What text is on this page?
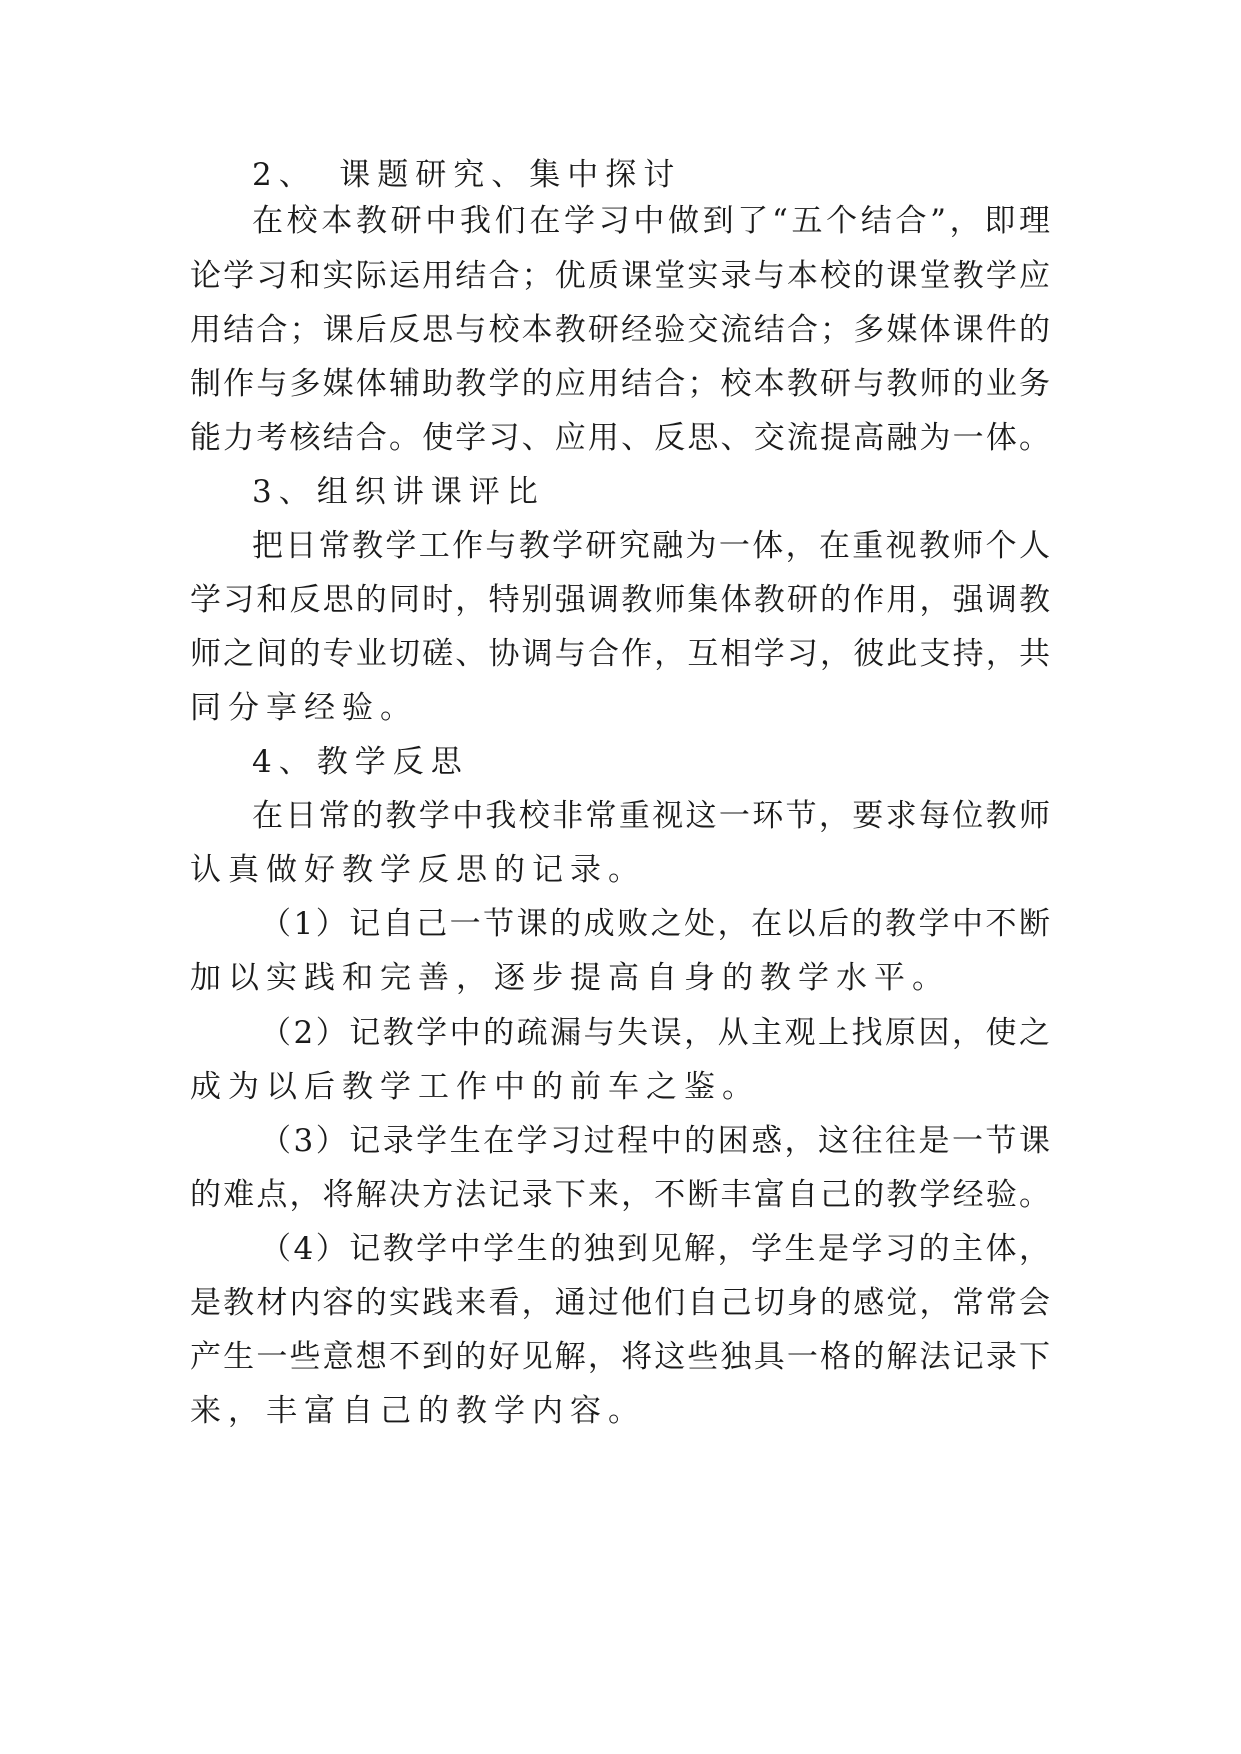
2、　课题研究、集中探讨
在校本教研中我们在学习中做到了“五个结合”，即理
论学习和实际运用结合；优质课堂实录与本校的课堂教学应
用结合；课后反思与校本教研经验交流结合；多媒体课件的
制作与多媒体辅助教学的应用结合；校本教研与教师的业务
能力考核结合。使学习、应用、反思、交流提高融为一体。
3、组织讲课评比
把日常教学工作与教学研究融为一体，在重视教师个人
学习和反思的同时，特别强调教师集体教研的作用，强调教
师之间的专业切磋、协调与合作，互相学习，彼此支持，共
同分享经验。
4、教学反思
在日常的教学中我校非常重视这一环节，要求每位教师
认真做好教学反思的记录。
（1）记自己一节课的成败之处，在以后的教学中不断
加以实践和完善，逐步提高自身的教学水平。
（2）记教学中的疏漏与失误，从主观上找原因，使之
成为以后教学工作中的前车之鉴。
（3）记录学生在学习过程中的困惑，这往往是一节课
的难点，将解决方法记录下来，不断丰富自己的教学经验。
（4）记教学中学生的独到见解，学生是学习的主体，
是教材内容的实践来看，通过他们自己切身的感觉，常常会
产生一些意想不到的好见解，将这些独具一格的解法记录下
来，丰富自己的教学内容。
